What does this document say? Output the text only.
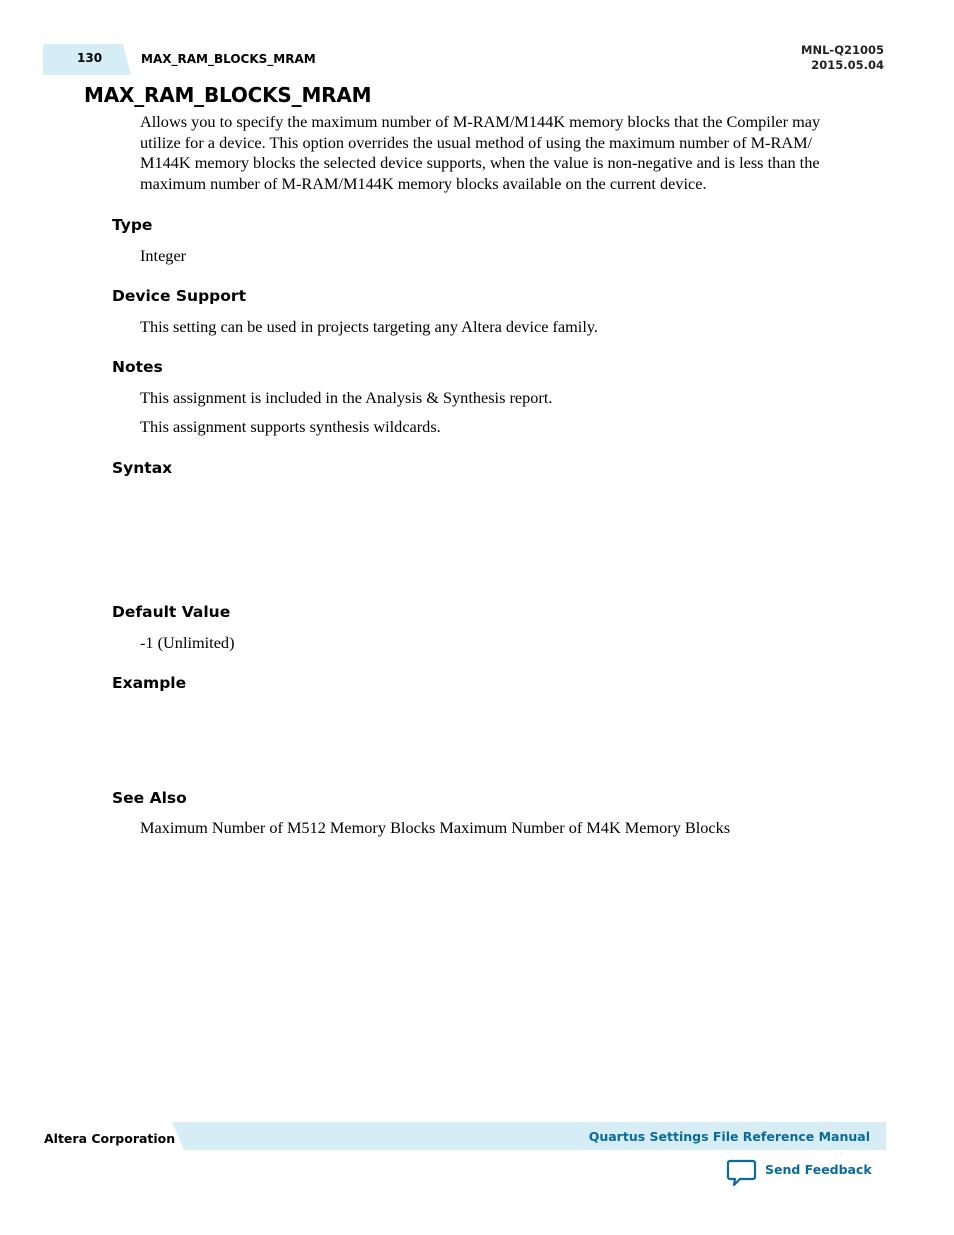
130	MAX_RAM_BLOCKS_MRAM
MNL-Q21005
2015.05.04
MAX_RAM_BLOCKS_MRAM

Allows you to specify the maximum number of M-RAM/M144K memory blocks that the Compiler may utilize for a device. This option overrides the usual method of using the maximum number of M-RAM/ M144K memory blocks the selected device supports, when the value is non-negative and is less than the maximum number of M-RAM/M144K memory blocks available on the current device.

Type

Integer

Device Support

This setting can be used in projects targeting any Altera device family.

Notes

This assignment is included in the Analysis & Synthesis report.

This assignment supports synthesis wildcards.

Syntax
Default Value

-1 (Unlimited)

Example
See Also

Maximum Number of M512 Memory Blocks Maximum Number of M4K Memory Blocks

Altera Corporation	Quartus Settings File Reference Manual
Send Feedback
